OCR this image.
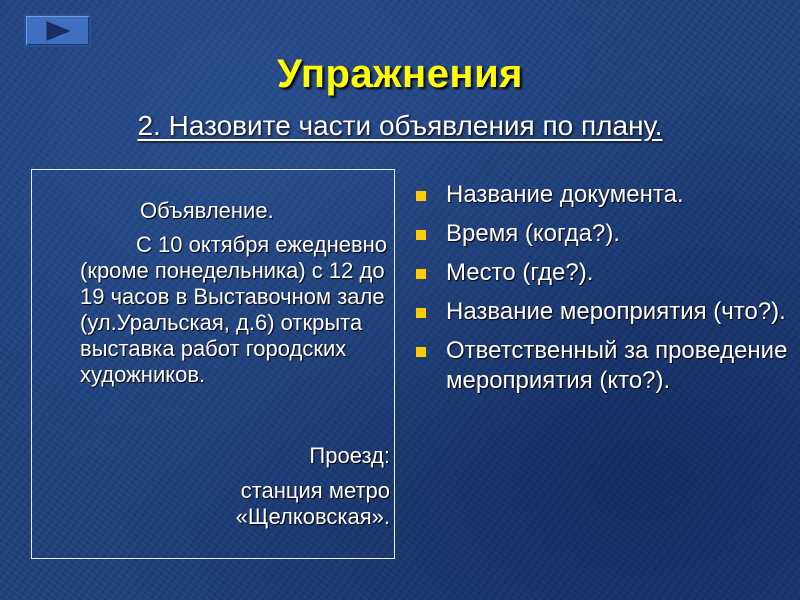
Упражнения
2. Назовите части объявления по плану.
Объявление.
С 10 октября ежедневно (кроме понедельника) с 12 до 19 часов в Выставочном зале (ул.Уральская, д.6) открыта выставка работ городских художников.
Проезд:
станция метро
«Щелковская».
Название документа.
Время (когда?).
Место (где?).
Название мероприятия (что?).
Ответственный за проведение мероприятия (кто?).
